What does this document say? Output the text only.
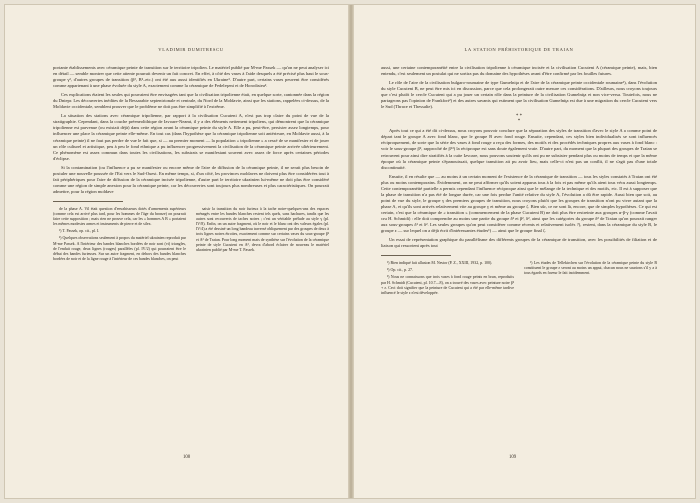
VLADIMIR DUMITRESCU

portante établissements avec céramique peinte de transition sur le territoire tripolien. Le matériel publié par M-me Passek — qu'on ne peut analyser ici en détail — semble montrer que cette attente pourrait devenir un fait concret. En effet, à côté des vases à l'aide desquels a été précisé plus haut le sous-groupe γ², d'autres groupes de transition (β², B²–etc.) ont été aux aussi identifiés en Ukraine³. D'autre part, certains vases peuvent être considérés comme appartenant à une phase évoluée du style A, exactement comme la céramique de Fedeleşeni et de Horodistea².

Ces explications étaient les seules qui pouvaient être envisagées tant que la civilisation tripolienne était, en quelque sorte, cantonnée dans la région du Dniepr. Les découvertes inédites de la Bessarabie septentrionale et centrale, du Nord de la Moldavie, ainsi que les stations, rappelées ci-dessus, de la Moldavie occidentale, semblent prouver que le problème ne doit pas être simplifié à l'extrême.

La situation des stations avec céramique tripolienne, par rapport à la civilisation Cucuteni A, n'est pas trop claire du point de vue de la stratigraphie. Cependant, dans la couche préeneolithique de Izvoare-Neamt, il y a des éléments nettement tripoliens, qui démontrent que la céramique tripolienne est parvenue (ou existait déjà) dans cette région avant la céramique peinte du style A. Elle a pu, peut-être, persister assez longtemps, pour influencer une place la céramique peinte elle-même. En tout cas (dans l'hypothèse que la céramique tripolienne soit antérieure, en Moldavie aussi, à la céramique peinte) il ne faut pas perdre de vue le fait que, si — au premier moment — la population « tripolienne » a cessé de se manifester et de jouer un rôle culturel et artistique, peu à peu le fond ethnique a pu influencer progressivement la civilisation de la céramique peinte arrivée ultérieurement. Ce phénomène est assez commun dans toutes les civilisations, les substrats se manifestant souvent avec assez de force après certaines périodes d'éclipse.

Si la contamination (ou l'influence a pu se manifester ou encore même de l'aire de diffusion de la céramique peinte, il ne serait plus besoin de postuler une nouvelle poussée de l'Est vers le Sud-Ouest. En même temps, si, d'un côté, les provinces moldaves ne doivent plus être considérées tout à fait périphériques pour l'aire de diffusion de la céramique incisée tripolienne, d'autre part le territoire ukrainien lui-même ne doit plus être considéré comme une région de simple anexion pour la céramique peinte, car les découvertes sont toujours plus nombreuses et plus caractéristiques. On pourrait admettre, pour la région moldave

de la phase A. Vil était question d'envahisseurs dotés d'armements supérieurs (comme cela est arrivé plus tard, pour les hommes de l'âge du bronze) on pourrait faire cette supposition ; mais rien ne prouve cela, car les « hommes A B » portaient les mêmes modestes armes et instruments de pierre et de silex.

¹) T. Passek, op. cit., pl. I.

²) Quelques observations seulement à propos du matériel ukrainien reproduit par M-me Passek. A l'intérieur des bandes blanches bordées de noir sont (vi) triangles, de l'enduit rouge, deux lignes (rouges) parallèles (pl. IV/2) qui pourraient être le début des bandes furieuses. Sur un autre fragment, en dehors des bandes blanches bordées de noir et de la ligne rouge à l'intérieur de ces bandes blanches, on peut

saisir la transition du noir furieux à la tache noire-quelques-uns des espaces ménagés entre les bandes blanches restent tels quels, sans hachures, tandis que les autres sont recouverts de taches noires ; c'est un véritable prélude au style γ (pl. IV/8). Enfin, on un autre fragment, où le noir et le blanc ont des valeurs égales (pl. IV/4) a été dessiné un long bandeau traversé obliquement par des groupes de deux à trois lignes noires étroites, exactement comme sur certains vases du sous-groupe β² et A² de Traian. Pour long moment mais de synthèse sur l'évolution de la céramique peinte de style Cucuteni en A², devra d'abord éclairer de nouveau le matériel ukrainien publié par M-me T. Passek.

108
LA STATION PRÉHISTORIQUE DE TRAIAN

aussi, une certaine contemporanéité entre la civilisation tripolienne à céramique incisée et la civilisation Cucuteni A (céramique peinte), mais, bien entendu, c'est seulement un postulat qui ne sortira pas du domaine des hypothèses avant d'être confirmé par les fouilles futures.

Le rôle de l'aire de la civilisation bulgaro-roumaine de type Gumelniţa et de l'aire de la céramique peinte occidentale roumaine¹), dans l'évolution du style Cucuteni B, ne peut être mis ici en discussion, parce que cela prolongerait outre mesure ces considérations. D'ailleurs, nous croyons toujours que c'est plutôt le cercle Cucuteni qui a pu jouer un certain rôle dans la peinture de la civilisation Gumelniţa et non vice-versa. Toutefois, nous ne partageons pas l'opinion de Frankfort²) et des autres savants qui estiment que la civilisation Gumelniţa est due à une migration du cercle Cucuteni vers le Sud (Thrace et Thessalie).

* *
*

Après tout ce qui a été dit ci-dessus, nous croyons pouvoir conclure que la séparation des styles de transition d'avec le style A a comme point de départ tant le groupe A avec fond blanc, que le groupe B avec fond rouge. Ensuite, cependant, ces styles bien individualisés se sont influencés réciproquement, de sorte que la série des vases à fond rouge a reçu des formes, des motifs et des procédés techniques propres aux vases à fond blanc : voir le sous-groupe β², rapproché de β¹³) la réciproque est sans doute également vraie. D'autre part, du moment que la plupart des groupes de Traian se retrouvent pour ainsi dire stratifiés à la cuite Izvoare, nous pouvons soutenir qu'ils ont pu ne subsister pendant plus ou moins de temps et que la même époque où la céramique peinte s'épanouissait, quelque transition ait pu avoir lieu, mais celle-ci n'est pas un conflit, il ne s'agit pas d'une totale discontinuité.

Ensuite, il en résulte que — au moins à un certain moment de l'existence de la céramique de transition — tous les styles constatés à Traian ont été plus ou moins contemporains. Évidemment, on ne peut affirmer qu'ils soient apparus tous à la fois et pas même qu'ils aient tous vécu aussi longtemps. Cette contemporanéité partielle a permis cependant l'influence réciproque ainsi que le mélange de la technique et des motifs, etc. Il est à supposer que la phase de transition n'a pas été de longue durée, car une fois perdue l'unité relative du style A, l'évolution a dû être rapide. Aussi bien que soit, au point de vue du style, le groupe γ des premiers groupes de transition, nous croyons plutôt que les groupes de transition n'ont pu vivre autant que la phase A, et qu'ils sont arrivés relativement vite au groupe γ et même au groupe ζ. Bien sûr, ce ne sont là, encore, que de simples hypothèses. Ce qui est certain, c'est que la céramique de « transition » (commencement de la phase Cucuteni B) ne doit plus être restreinte aux groupes α-β-γ (comme l'avait cru H. Schmidt) : elle doit comprendre au moins une partie du groupe δ² et β², δ², ainsi que les catégories du groupe δ² de Traian qu'on pourrait ranger aux sous-groupes δ¹ et δ². Les seules groupes qu'on peut considérer comme récents et relativement isolés ?), restent, dans la céramique du style B, le groupe ε — sur lequel on a déjà écrit d'intéressantes études¹) — ainsi que le groupe final ζ.

Un essai de représentation graphique du parallélisme des différents groupes de la céramique de transition, avec les possibilités de filiation et de liaison qui ressortent après tout

¹) Bien indiqué fait allusion M. Nestor (P. Z., XXIII, 1932, p. 100).

²) Op. cit., p. 27.

³) Nous ne connaissons que trois vases à fond rouge peints en brun, reproduits par H. Schmidt (Cucuteni, pl. 10.7—8), on a trouvé des vases avec peinture noire β² + ε. Ceci doit signifier que la peinture de Cucuteni qui a été par elle-même tardive influencé le style ε n'est développée.

¹) Les études de Tellekirchen sur l'évolution de la céramique peinte du style B constituent le groupe ε seront au moins un appui, chacun nous ne saurions s'il y a à tous égards en faveur le fait incidemment.

109
